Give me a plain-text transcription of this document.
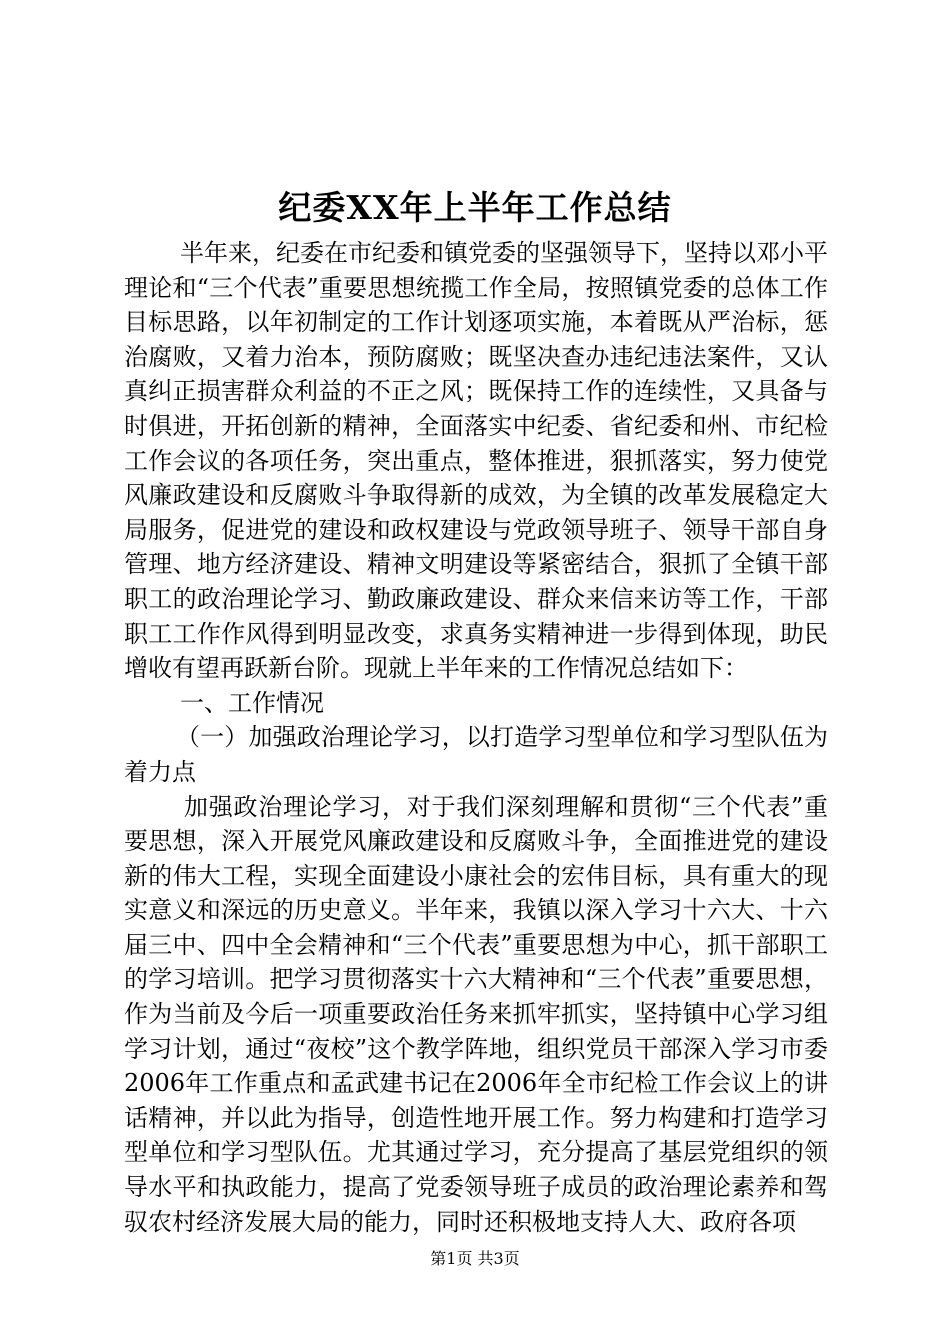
纪委XX年上半年工作总结

半年来，纪委在市纪委和镇党委的坚强领导下，坚持以邓小平理论和“三个代表”重要思想统揽工作全局，按照镇党委的总体工作目标思路，以年初制定的工作计划逐项实施，本着既从严治标，惩治腐败，又着力治本，预防腐败；既坚决查办违纪违法案件，又认真纠正损害群众利益的不正之风；既保持工作的连续性，又具备与时俱进，开拓创新的精神，全面落实中纪委、省纪委和州、市纪检工作会议的各项任务，突出重点，整体推进，狠抓落实，努力使党风廉政建设和反腐败斗争取得新的成效，为全镇的改革发展稳定大局服务，促进党的建设和政权建设与党政领导班子、领导干部自身管理、地方经济建设、精神文明建设等紧密结合，狠抓了全镇干部职工的政治理论学习、勤政廉政建设、群众来信来访等工作，干部职工工作作风得到明显改变，求真务实精神进一步得到体现，助民增收有望再跃新台阶。现就上半年来的工作情况总结如下：

一、工作情况

（一）加强政治理论学习，以打造学习型单位和学习型队伍为着力点

加强政治理论学习，对于我们深刻理解和贯彻“三个代表”重要思想，深入开展党风廉政建设和反腐败斗争，全面推进党的建设新的伟大工程，实现全面建设小康社会的宏伟目标，具有重大的现实意义和深远的历史意义。半年来，我镇以深入学习十六大、十六届三中、四中全会精神和“三个代表”重要思想为中心，抓干部职工的学习培训。把学习贯彻落实十六大精神和“三个代表”重要思想，作为当前及今后一项重要政治任务来抓牢抓实，坚持镇中心学习组学习计划，通过“夜校”这个教学阵地，组织党员干部深入学习市委2006年工作重点和孟武建书记在2006年全市纪检工作会议上的讲话精神，并以此为指导，创造性地开展工作。努力构建和打造学习型单位和学习型队伍。尤其通过学习，充分提高了基层党组织的领导水平和执政能力，提高了党委领导班子成员的政治理论素养和驾驭农村经济发展大局的能力，同时还积极地支持人大、政府各项

第1页 共3页
